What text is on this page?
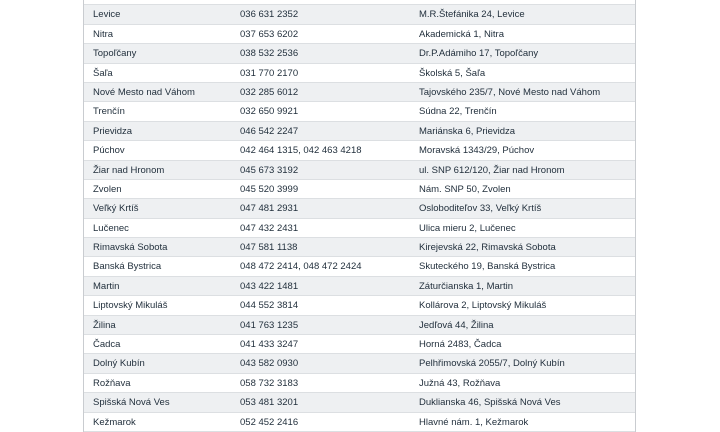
Levice	036 631 2352	M.R.Štefánika 24, Levice
Nitra	037 653 6202	Akademická 1, Nitra
Topoľčany	038 532 2536	Dr.P.Adámiho 17, Topoľčany
Šaľa	031 770 2170	Školská 5, Šaľa
Nové Mesto nad Váhom	032 285 6012	Tajovského 235/7, Nové Mesto nad Váhom
Trenčín	032 650 9921	Súdna 22, Trenčín
Prievidza	046 542 2247	Mariánska 6, Prievidza
Púchov	042 464 1315, 042 463 4218	Moravská 1343/29, Púchov
Žiar nad Hronom	045 673 3192	ul. SNP 612/120, Žiar nad Hronom
Zvolen	045 520 3999	Nám. SNP 50, Zvolen
Veľký Krtíš	047 481 2931	Osloboditeľov 33, Veľký Krtíš
Lučenec	047 432 2431	Ulica mieru 2, Lučenec
Rimavská Sobota	047 581 1138	Kirejevská 22, Rimavská Sobota
Banská Bystrica	048 472 2414, 048 472 2424	Skuteckého 19, Banská Bystrica
Martin	043 422 1481	Záturčianska 1, Martin
Liptovský Mikuláš	044 552 3814	Kollárova 2, Liptovský Mikuláš
Žilina	041 763 1235	Jedľová 44, Žilina
Čadca	041 433 3247	Horná 2483, Čadca
Dolný Kubín	043 582 0930	Pelhřimovská 2055/7, Dolný Kubín
Rožňava	058 732 3183	Južná 43, Rožňava
Spišská Nová Ves	053 481 3201	Duklianska 46, Spišská Nová Ves
Kežmarok	052 452 2416	Hlavné nám. 1, Kežmarok
